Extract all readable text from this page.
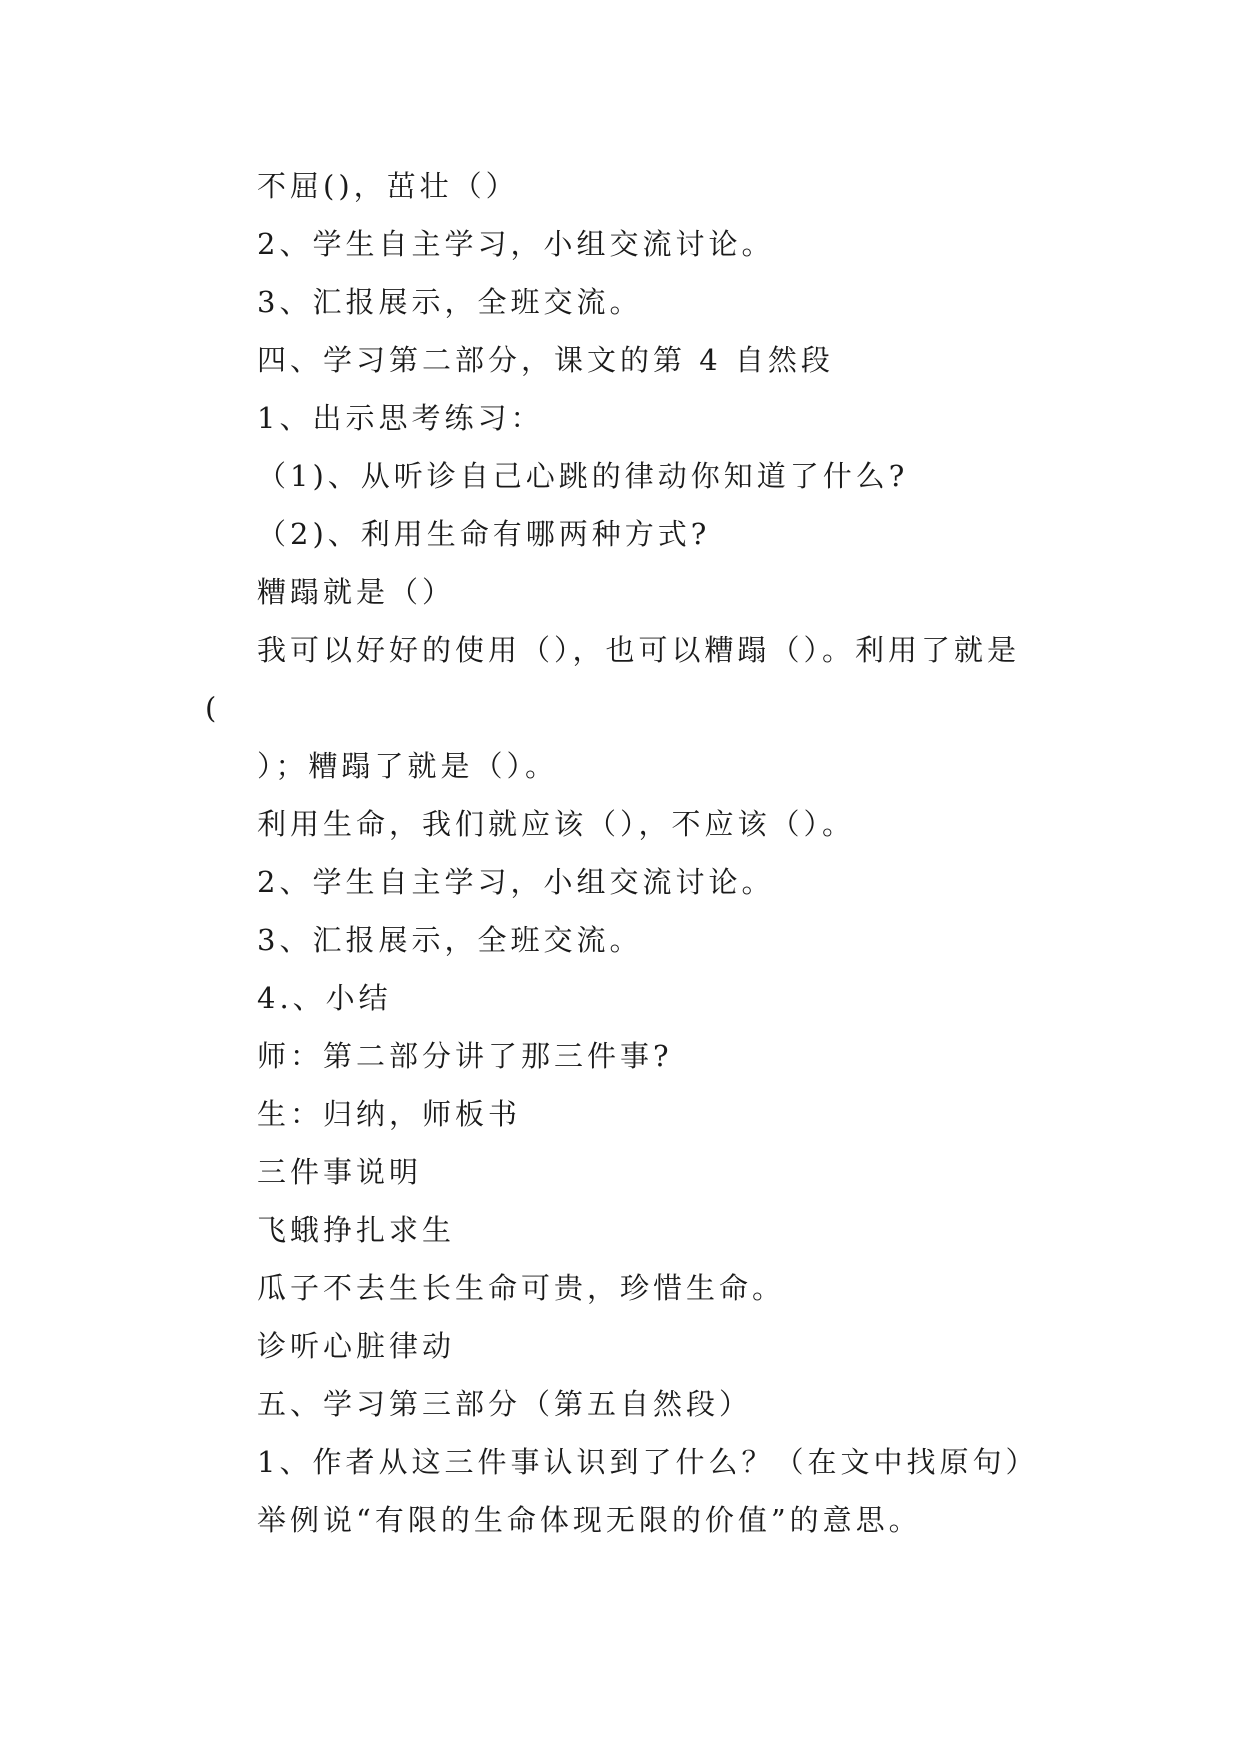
不屈()，茁壮（）
2、学生自主学习，小组交流讨论。
3、汇报展示，全班交流。
四、学习第二部分，课文的第 4 自然段
1、出示思考练习：
（1)、从听诊自己心跳的律动你知道了什么?
（2)、利用生命有哪两种方式?
糟蹋就是（）
我可以好好的使用（），也可以糟蹋（）。利用了就是
(
）；糟蹋了就是（）。
利用生命，我们就应该（），不应该（）。
2、学生自主学习，小组交流讨论。
3、汇报展示，全班交流。
4.、小结
师：第二部分讲了那三件事?
生：归纳，师板书
三件事说明
飞蛾挣扎求生
瓜子不去生长生命可贵，珍惜生命。
诊听心脏律动
五、学习第三部分（第五自然段）
1、作者从这三件事认识到了什么？（在文中找原句）
举例说“有限的生命体现无限的价值”的意思。
